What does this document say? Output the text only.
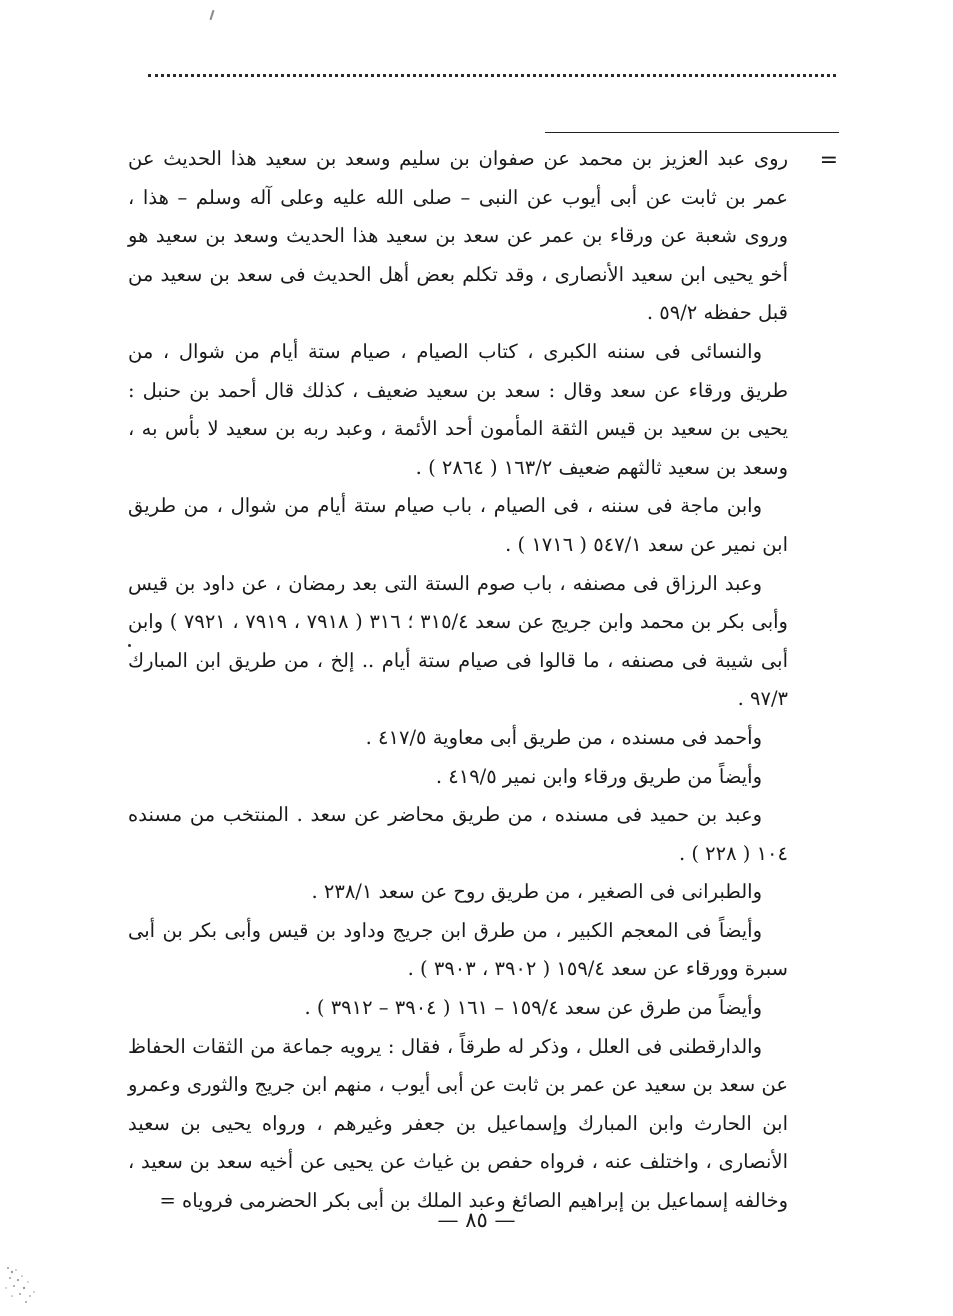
=

روى عبد العزيز بن محمد عن صفوان بن سليم وسعد بن سعيد هذا الحديث عن عمر بن ثابت عن أبى أيوب عن النبى – صلى الله عليه وعلى آله وسلم – هذا ، وروى شعبة عن ورقاء بن عمر عن سعد بن سعيد هذا الحديث وسعد بن سعيد هو أخو يحيى ابن سعيد الأنصارى ، وقد تكلم بعض أهل الحديث فى سعد بن سعيد من قبل حفظه ٥٩/٢ .

والنسائى فى سننه الكبرى ، كتاب الصيام ، صيام ستة أيام من شوال ، من طريق ورقاء عن سعد وقال : سعد بن سعيد ضعيف ، كذلك قال أحمد بن حنبل : يحيى بن سعيد بن قيس الثقة المأمون أحد الأئمة ، وعبد ربه بن سعيد لا بأس به ، وسعد بن سعيد ثالثهم ضعيف ١٦٣/٢ ( ٢٨٦٤ ) .

وابن ماجة فى سننه ، فى الصيام ، باب صيام ستة أيام من شوال ، من طريق ابن نمير عن سعد ٥٤٧/١ ( ١٧١٦ ) .

وعبد الرزاق فى مصنفه ، باب صوم الستة التى بعد رمضان ، عن داود بن قيس وأبى بكر بن محمد وابن جريج عن سعد ٣١٥/٤ ؛ ٣١٦ ( ٧٩١٨ ، ٧٩١٩ ، ٧٩٢١ ) وابن أبى شيبة فى مصنفه ، ما قالوا فى صيام ستة أيام .. إلخ ، من طريق ابن المبارك ٩٧/٣ .

وأحمد فى مسنده ، من طريق أبى معاوية ٤١٧/٥ .

وأيضاً من طريق ورقاء وابن نمير ٤١٩/٥ .

وعبد بن حميد فى مسنده ، من طريق محاضر عن سعد . المنتخب من مسنده ١٠٤ ( ٢٢٨ ) .

والطبرانى فى الصغير ، من طريق روح عن سعد ٢٣٨/١ .

وأيضاً فى المعجم الكبير ، من طرق ابن جريج وداود بن قيس وأبى بكر بن أبى سبرة وورقاء عن سعد ١٥٩/٤ ( ٣٩٠٢ ، ٣٩٠٣ ) .

وأيضاً من طرق عن سعد ١٥٩/٤ – ١٦١ ( ٣٩٠٤ – ٣٩١٢ ) .

والدارقطنى فى العلل ، وذكر له طرقاً ، فقال : يرويه جماعة من الثقات الحفاظ عن سعد بن سعيد عن عمر بن ثابت عن أبى أيوب ، منهم ابن جريج والثورى وعمرو ابن الحارث وابن المبارك وإسماعيل بن جعفر وغيرهم ، ورواه يحيى بن سعيد الأنصارى ، واختلف عنه ، فرواه حفص بن غياث عن يحيى عن أخيه سعد بن سعيد ، وخالفه إسماعيل بن إبراهيم الصائغ وعبد الملك بن أبى بكر الحضرمى فروياه =

— ٨٥ —
